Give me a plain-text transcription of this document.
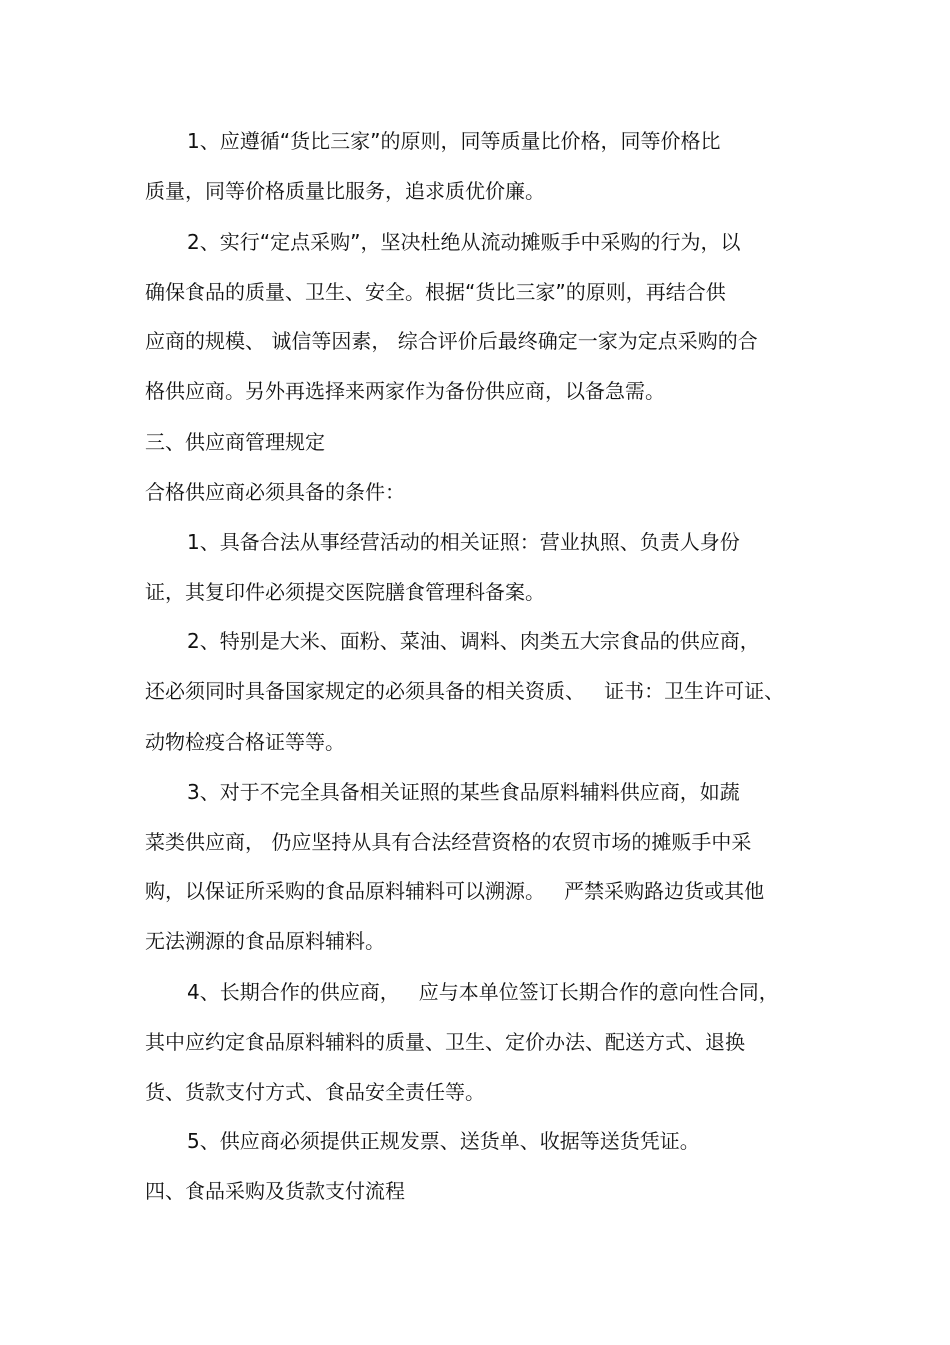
1、应遵循“货比三家”的原则，同等质量比价格，同等价格比
质量，同等价格质量比服务，追求质优价廉。
2、实行“定点采购”，坚决杜绝从流动摊贩手中采购的行为，以
确保食品的质量、卫生、安全。根据“货比三家”的原则，再结合供
应商的规模、 诚信等因素， 综合评价后最终确定一家为定点采购的合
格供应商。另外再选择来两家作为备份供应商，以备急需。
三、供应商管理规定
合格供应商必须具备的条件：
1、具备合法从事经营活动的相关证照：营业执照、负责人身份
证，其复印件必须提交医院膳食管理科备案。
2、特别是大米、面粉、菜油、调料、肉类五大宗食品的供应商，
还必须同时具备国家规定的必须具备的相关资质、   证书：卫生许可证、
动物检疫合格证等等。
3、对于不完全具备相关证照的某些食品原料辅料供应商，如蔬
菜类供应商， 仍应坚持从具有合法经营资格的农贸市场的摊贩手中采
购，以保证所采购的食品原料辅料可以溯源。   严禁采购路边货或其他
无法溯源的食品原料辅料。
4、长期合作的供应商，   应与本单位签订长期合作的意向性合同，
其中应约定食品原料辅料的质量、卫生、定价办法、配送方式、退换
货、货款支付方式、食品安全责任等。
5、供应商必须提供正规发票、送货单、收据等送货凭证。
四、食品采购及货款支付流程
